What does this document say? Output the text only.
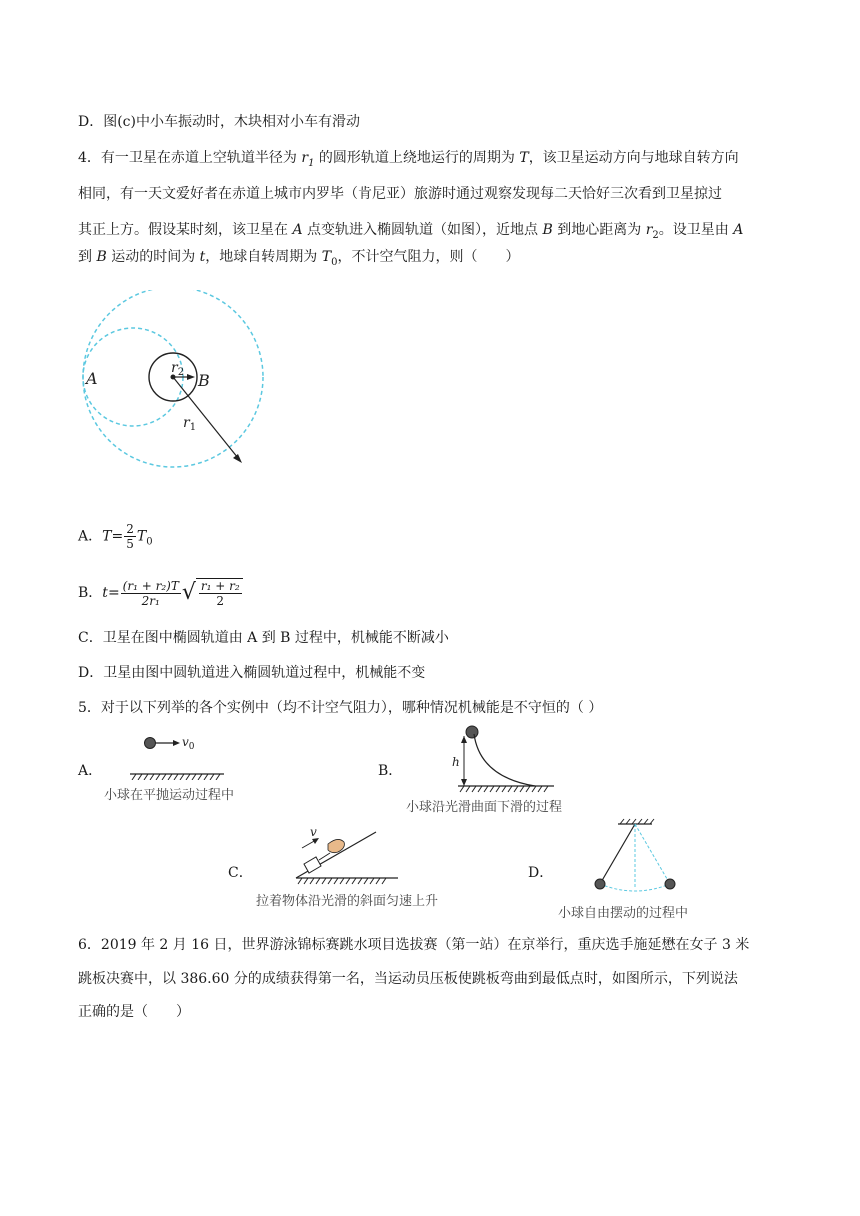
D．图(c)中小车振动时，木块相对小车有滑动
4．有一卫星在赤道上空轨道半径为 $r_1$ 的圆形轨道上绕地运行的周期为 T，该卫星运动方向与地球自转方向
相同，有一天文爱好者在赤道上城市内罗毕（肯尼亚）旅游时通过观察发现每二天恰好三次看到卫星掠过
其正上方。假设某时刻，该卫星在 A 点变轨进入椭圆轨道（如图），近地点 B 到地心距离为 $r_2$。设卫星由 A
到 B 运动的时间为 t，地球自转周期为 $T_0$，不计空气阻力，则（　　）
A	B
$r_2$
$r_1$
A．$T= \frac{2}{5} T_0$
B．$t= \frac{\text{(r₁ + r₂)T}}{\text{2r₁}}$ √ $\frac{\text{r₁ + r₂}}{2}$
C．卫星在图中椭圆轨道由 A 到 B 过程中，机械能不断减小
D．卫星由图中圆轨道进入椭圆轨道过程中，机械能不变
5．对于以下列举的各个实例中（均不计空气阻力），哪种情况机械能是不守恒的（ ）
A．
$v_0$
小球在平抛运动过程中
B．
h
小球沿光滑曲面下滑的过程
C．
v
拉着物体沿光滑的斜面匀速上升
D．
小球自由摆动的过程中
6．2019 年 2 月 16 日，世界游泳锦标赛跳水项目选拔赛（第一站）在京举行，重庆选手施延懋在女子 3 米
跳板决赛中，以 386.60 分的成绩获得第一名，当运动员压板使跳板弯曲到最低点时，如图所示，下列说法
正确的是（　　）
